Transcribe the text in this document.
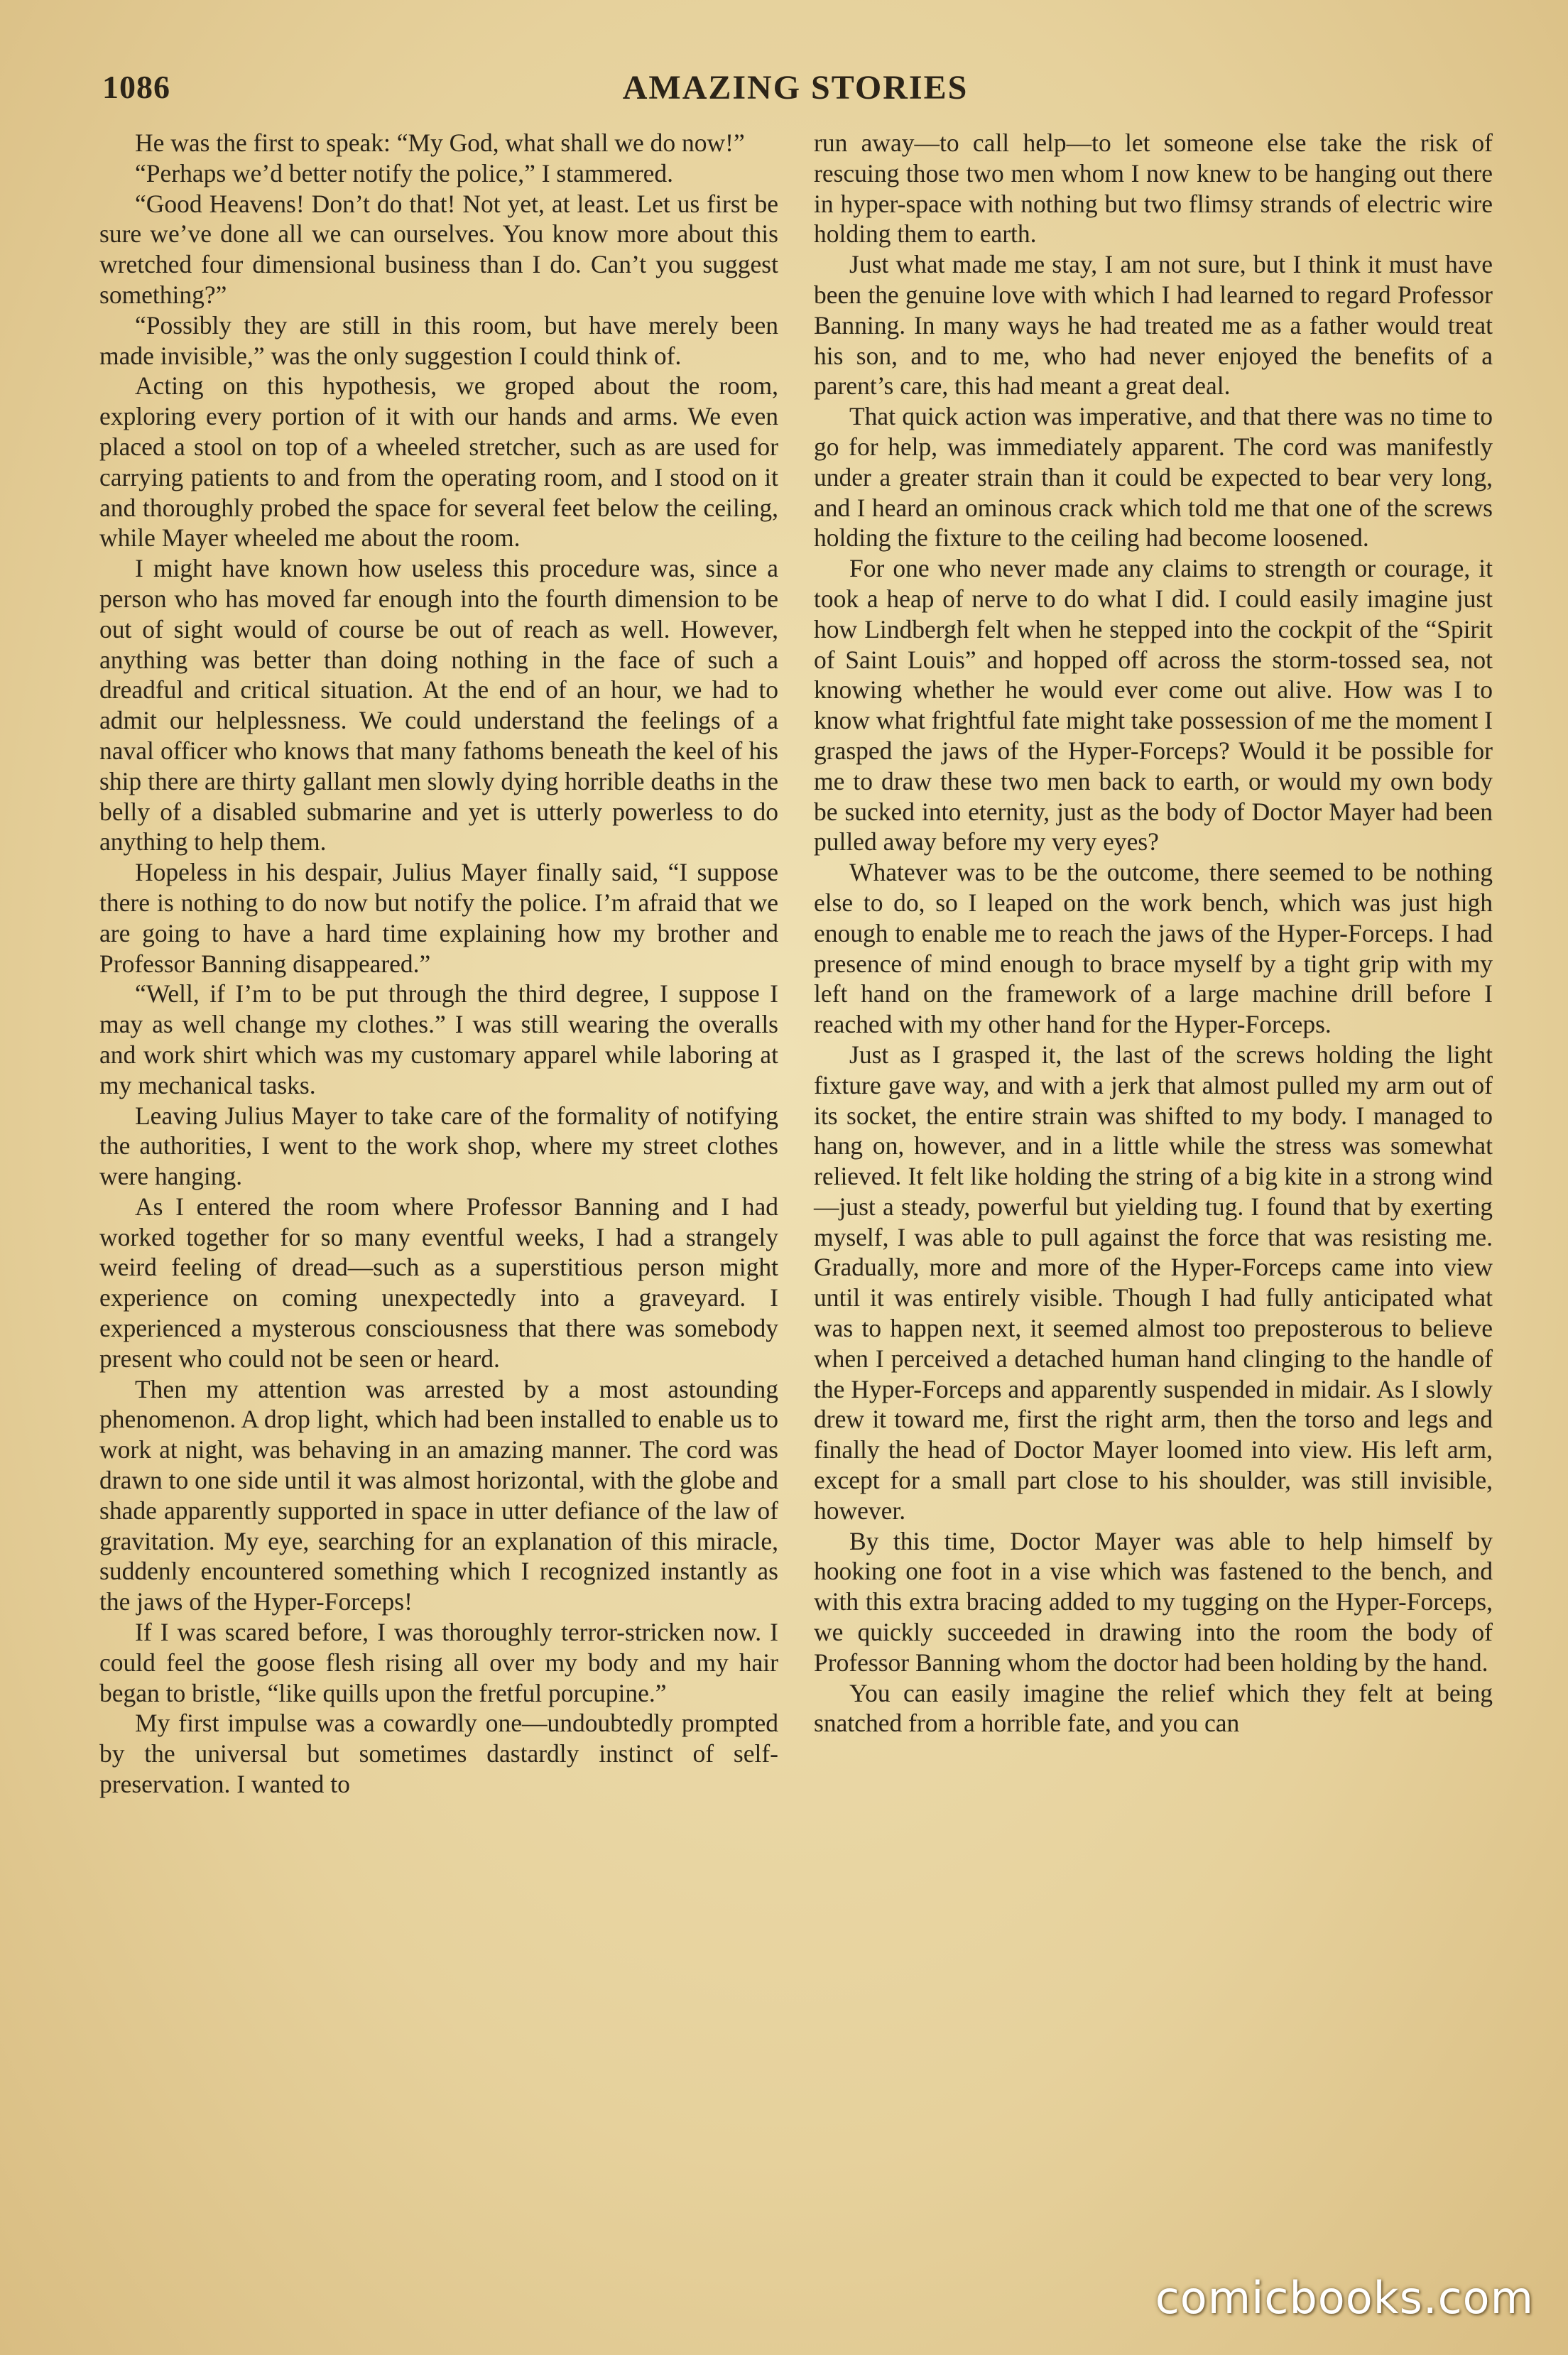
1086	AMAZING STORIES

He was the first to speak: “My God, what shall we do now!”

“Perhaps we’d better notify the police,” I stammered.

“Good Heavens! Don’t do that! Not yet, at least. Let us first be sure we’ve done all we can ourselves. You know more about this wretched four dimensional business than I do. Can’t you suggest something?”

“Possibly they are still in this room, but have merely been made invisible,” was the only suggestion I could think of.

Acting on this hypothesis, we groped about the room, exploring every portion of it with our hands and arms. We even placed a stool on top of a wheeled stretcher, such as are used for carrying patients to and from the operating room, and I stood on it and thoroughly probed the space for several feet below the ceiling, while Mayer wheeled me about the room.

I might have known how useless this procedure was, since a person who has moved far enough into the fourth dimension to be out of sight would of course be out of reach as well. However, anything was better than doing nothing in the face of such a dreadful and critical situation. At the end of an hour, we had to admit our helplessness. We could understand the feelings of a naval officer who knows that many fathoms beneath the keel of his ship there are thirty gallant men slowly dying horrible deaths in the belly of a disabled submarine and yet is utterly powerless to do anything to help them.

Hopeless in his despair, Julius Mayer finally said, “I suppose there is nothing to do now but notify the police. I’m afraid that we are going to have a hard time explaining how my brother and Professor Banning disappeared.”

“Well, if I’m to be put through the third degree, I suppose I may as well change my clothes.” I was still wearing the overalls and work shirt which was my customary apparel while laboring at my mechanical tasks.

Leaving Julius Mayer to take care of the formality of notifying the authorities, I went to the work shop, where my street clothes were hanging.

As I entered the room where Professor Banning and I had worked together for so many eventful weeks, I had a strangely weird feeling of dread—such as a superstitious person might experience on coming unexpectedly into a graveyard. I experienced a mysterous consciousness that there was somebody present who could not be seen or heard.

Then my attention was arrested by a most astounding phenomenon. A drop light, which had been installed to enable us to work at night, was behaving in an amazing manner. The cord was drawn to one side until it was almost horizontal, with the globe and shade apparently supported in space in utter defiance of the law of gravitation. My eye, searching for an explanation of this miracle, suddenly encountered something which I recognized instantly as the jaws of the Hyper-Forceps!

If I was scared before, I was thoroughly terror-stricken now. I could feel the goose flesh rising all over my body and my hair began to bristle, “like quills upon the fretful porcupine.”

My first impulse was a cowardly one—undoubtedly prompted by the universal but sometimes dastardly instinct of self-preservation. I wanted to

run away—to call help—to let someone else take the risk of rescuing those two men whom I now knew to be hanging out there in hyper-space with nothing but two flimsy strands of electric wire holding them to earth.

Just what made me stay, I am not sure, but I think it must have been the genuine love with which I had learned to regard Professor Banning. In many ways he had treated me as a father would treat his son, and to me, who had never enjoyed the benefits of a parent’s care, this had meant a great deal.

That quick action was imperative, and that there was no time to go for help, was immediately apparent. The cord was manifestly under a greater strain than it could be expected to bear very long, and I heard an ominous crack which told me that one of the screws holding the fixture to the ceiling had become loosened.

For one who never made any claims to strength or courage, it took a heap of nerve to do what I did. I could easily imagine just how Lindbergh felt when he stepped into the cockpit of the “Spirit of Saint Louis” and hopped off across the storm-tossed sea, not knowing whether he would ever come out alive. How was I to know what frightful fate might take possession of me the moment I grasped the jaws of the Hyper-Forceps? Would it be possible for me to draw these two men back to earth, or would my own body be sucked into eternity, just as the body of Doctor Mayer had been pulled away before my very eyes?

Whatever was to be the outcome, there seemed to be nothing else to do, so I leaped on the work bench, which was just high enough to enable me to reach the jaws of the Hyper-Forceps. I had presence of mind enough to brace myself by a tight grip with my left hand on the framework of a large machine drill before I reached with my other hand for the Hyper-Forceps.

Just as I grasped it, the last of the screws holding the light fixture gave way, and with a jerk that almost pulled my arm out of its socket, the entire strain was shifted to my body. I managed to hang on, however, and in a little while the stress was somewhat relieved. It felt like holding the string of a big kite in a strong wind—just a steady, powerful but yielding tug. I found that by exerting myself, I was able to pull against the force that was resisting me. Gradually, more and more of the Hyper-Forceps came into view until it was entirely visible. Though I had fully anticipated what was to happen next, it seemed almost too preposterous to believe when I perceived a detached human hand clinging to the handle of the Hyper-Forceps and apparently suspended in midair. As I slowly drew it toward me, first the right arm, then the torso and legs and finally the head of Doctor Mayer loomed into view. His left arm, except for a small part close to his shoulder, was still invisible, however.

By this time, Doctor Mayer was able to help himself by hooking one foot in a vise which was fastened to the bench, and with this extra bracing added to my tugging on the Hyper-Forceps, we quickly succeeded in drawing into the room the body of Professor Banning whom the doctor had been holding by the hand.

You can easily imagine the relief which they felt at being snatched from a horrible fate, and you can

comicbooks.com
